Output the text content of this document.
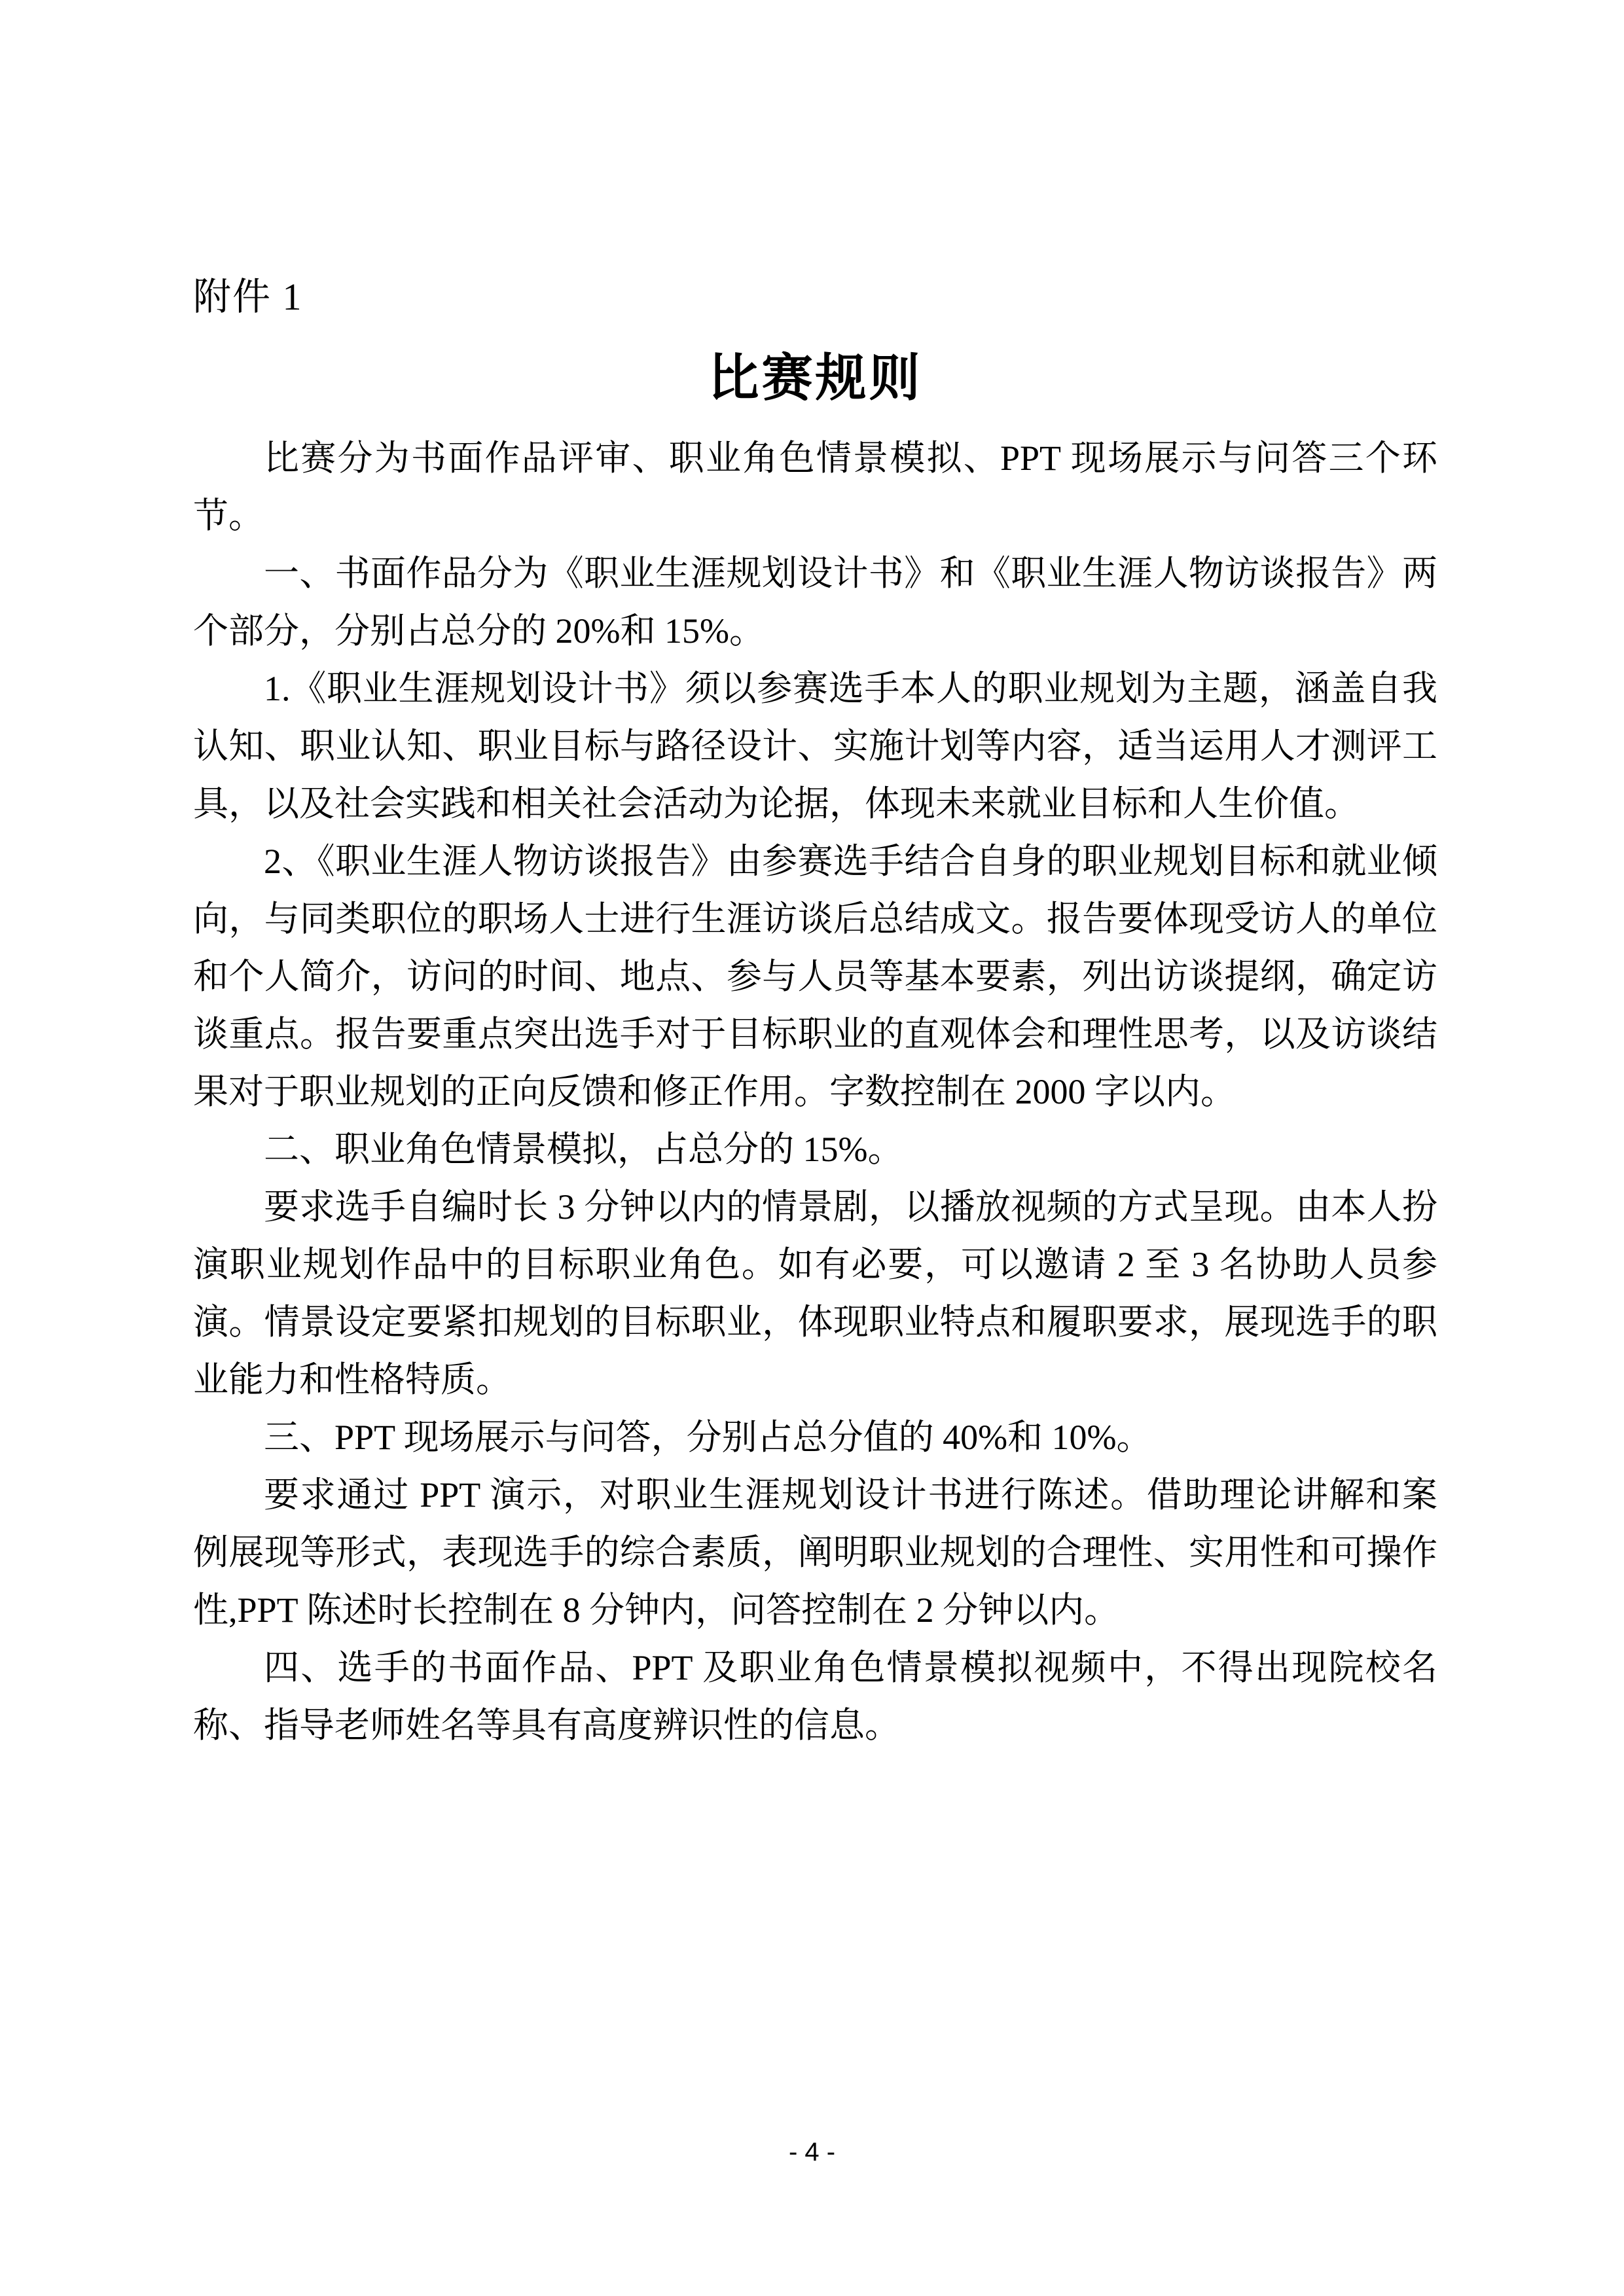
附件 1
比赛规则

比赛分为书面作品评审、职业角色情景模拟、PPT 现场展示与问答三个环节。

一、书面作品分为《职业生涯规划设计书》和《职业生涯人物访谈报告》两个部分，分别占总分的 20%和 15%。

1.《职业生涯规划设计书》须以参赛选手本人的职业规划为主题，涵盖自我认知、职业认知、职业目标与路径设计、实施计划等内容，适当运用人才测评工具，以及社会实践和相关社会活动为论据，体现未来就业目标和人生价值。

2、《职业生涯人物访谈报告》由参赛选手结合自身的职业规划目标和就业倾向，与同类职位的职场人士进行生涯访谈后总结成文。报告要体现受访人的单位和个人简介，访问的时间、地点、参与人员等基本要素，列出访谈提纲，确定访谈重点。报告要重点突出选手对于目标职业的直观体会和理性思考，以及访谈结果对于职业规划的正向反馈和修正作用。字数控制在 2000 字以内。

二、职业角色情景模拟，占总分的 15%。

要求选手自编时长 3 分钟以内的情景剧，以播放视频的方式呈现。由本人扮演职业规划作品中的目标职业角色。如有必要，可以邀请 2 至 3 名协助人员参演。情景设定要紧扣规划的目标职业，体现职业特点和履职要求，展现选手的职业能力和性格特质。

三、PPT 现场展示与问答，分别占总分值的 40%和 10%。

要求通过 PPT 演示，对职业生涯规划设计书进行陈述。借助理论讲解和案例展现等形式，表现选手的综合素质，阐明职业规划的合理性、实用性和可操作性,PPT 陈述时长控制在 8 分钟内，问答控制在 2 分钟以内。

四、选手的书面作品、PPT 及职业角色情景模拟视频中，不得出现院校名称、指导老师姓名等具有高度辨识性的信息。

- 4 -
